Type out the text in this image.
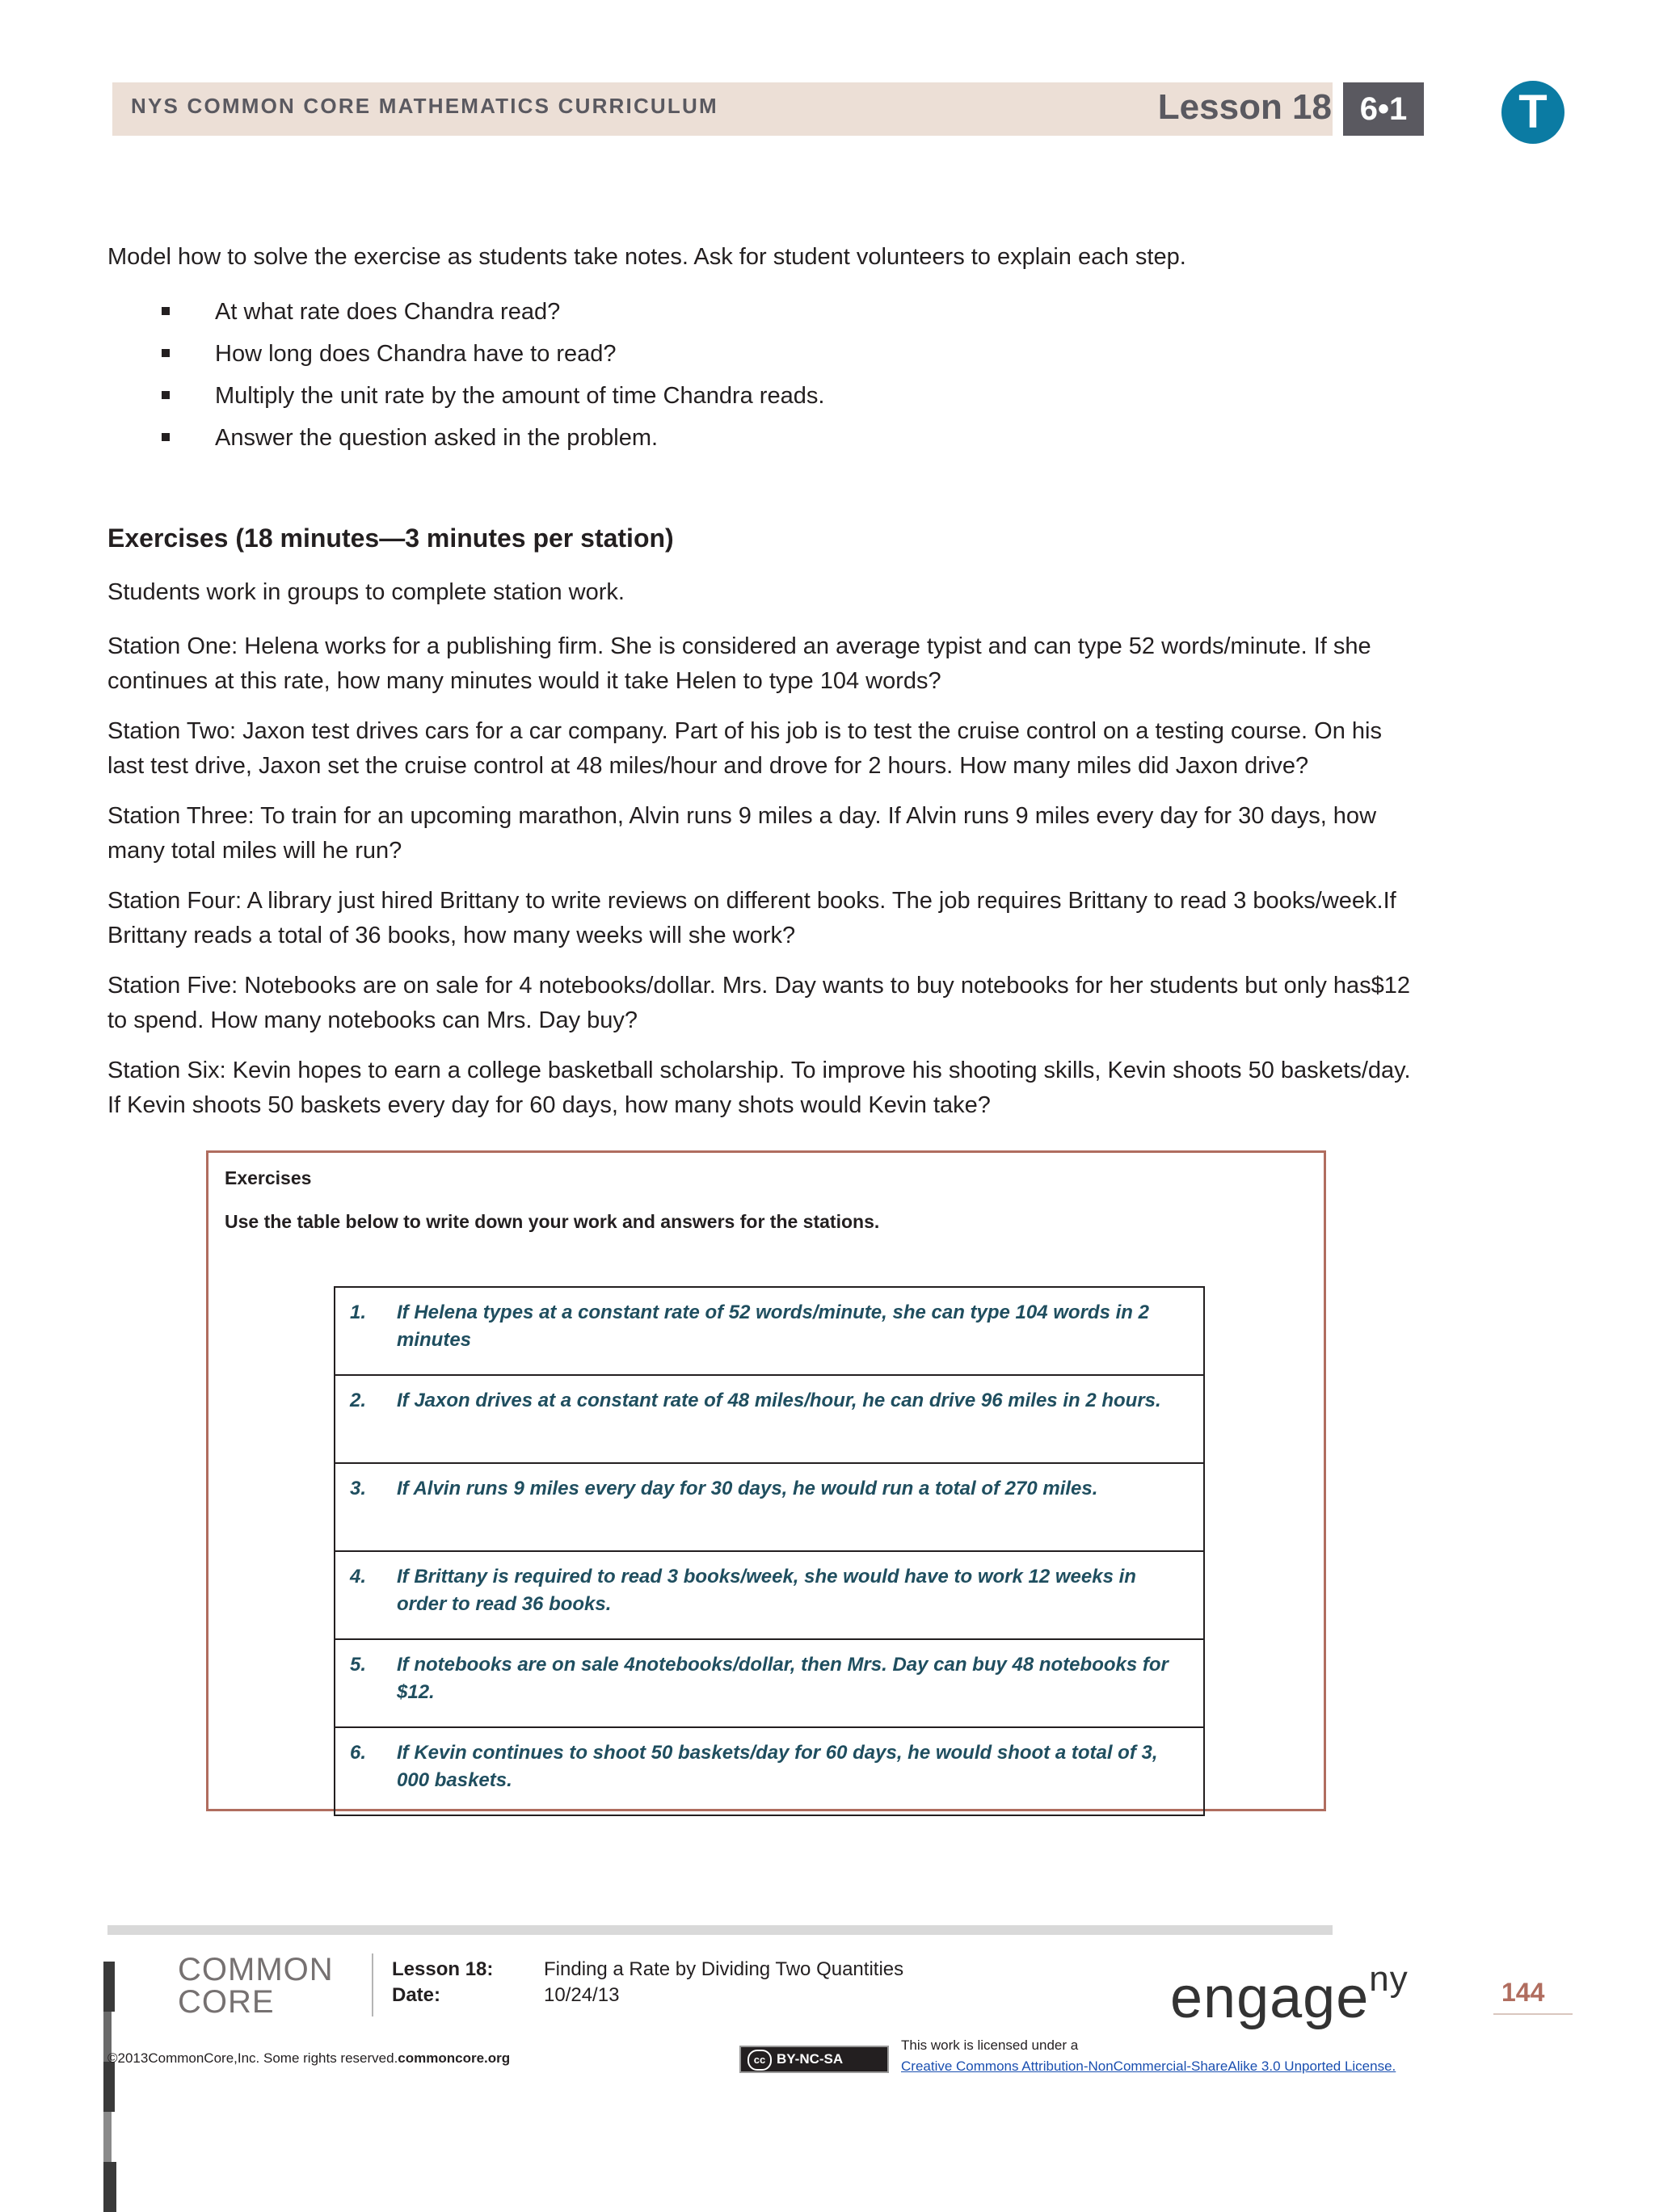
NYS COMMON CORE MATHEMATICS CURRICULUM	Lesson 18 6•1	T
Model how to solve the exercise as students take notes. Ask for student volunteers to explain each step.
At what rate does Chandra read?
How long does Chandra have to read?
Multiply the unit rate by the amount of time Chandra reads.
Answer the question asked in the problem.
Exercises (18 minutes—3 minutes per station)
Students work in groups to complete station work.
Station One: Helena works for a publishing firm. She is considered an average typist and can type 52 words/minute. If she continues at this rate, how many minutes would it take Helen to type 104 words?
Station Two: Jaxon test drives cars for a car company. Part of his job is to test the cruise control on a testing course. On his last test drive, Jaxon set the cruise control at 48 miles/hour and drove for 2 hours. How many miles did Jaxon drive?
Station Three: To train for an upcoming marathon, Alvin runs 9 miles a day. If Alvin runs 9 miles every day for 30 days, how many total miles will he run?
Station Four: A library just hired Brittany to write reviews on different books. The job requires Brittany to read 3 books/week.If Brittany reads a total of 36 books, how many weeks will she work?
Station Five: Notebooks are on sale for 4 notebooks/dollar. Mrs. Day wants to buy notebooks for her students but only has$12 to spend. How many notebooks can Mrs. Day buy?
Station Six: Kevin hopes to earn a college basketball scholarship. To improve his shooting skills, Kevin shoots 50 baskets/day. If Kevin shoots 50 baskets every day for 60 days, how many shots would Kevin take?
Exercises
Use the table below to write down your work and answers for the stations.
1. If Helena types at a constant rate of 52 words/minute, she can type 104 words in 2 minutes
2. If Jaxon drives at a constant rate of 48 miles/hour, he can drive 96 miles in 2 hours.
3. If Alvin runs 9 miles every day for 30 days, he would run a total of 270 miles.
4. If Brittany is required to read 3 books/week, she would have to work 12 weeks in order to read 36 books.
5. If notebooks are on sale 4notebooks/dollar, then Mrs. Day can buy 48 notebooks for $12.
6. If Kevin continues to shoot 50 baskets/day for 60 days, he would shoot a total of 3, 000 baskets.
COMMON
CORE
Lesson 18:
Date:
Finding a Rate by Dividing Two Quantities
10/24/13	engage$^{ny}$	144
©2013CommonCore,Inc. Some rights reserved.commoncore.org	cc BY-NC-SA
This work is licensed under a
Creative Commons Attribution-NonCommercial-ShareAlike 3.0 Unported License.
